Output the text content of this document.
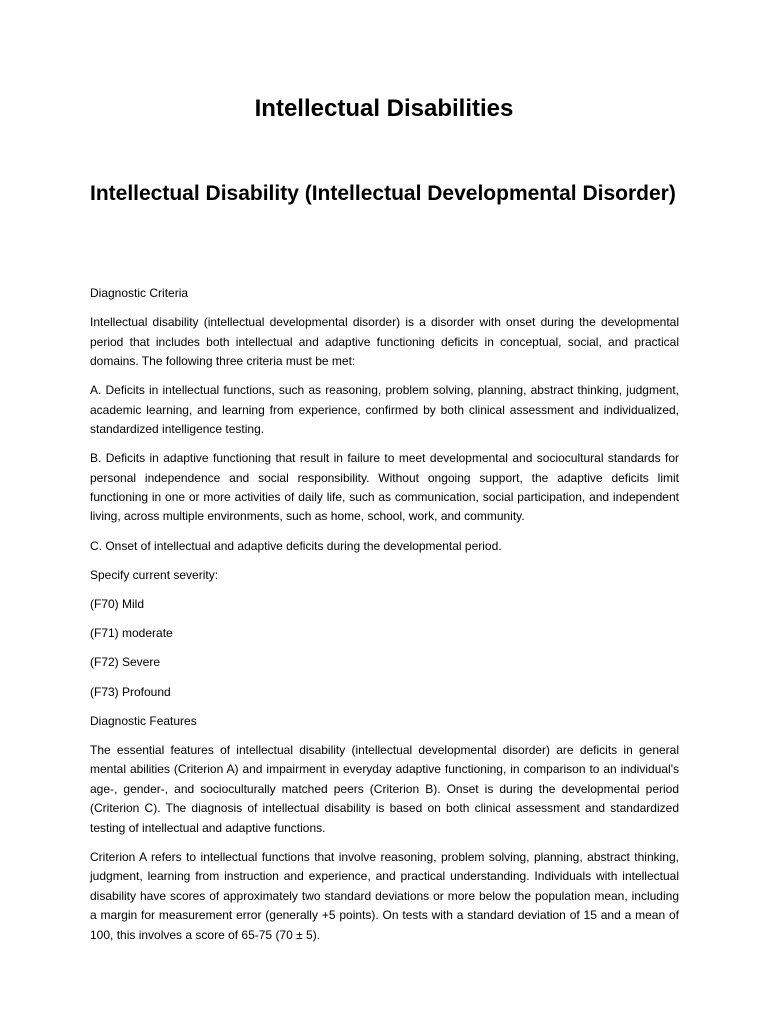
Intellectual Disabilities
Intellectual Disability (Intellectual Developmental Disorder)

Diagnostic Criteria

Intellectual disability (intellectual developmental disorder) is a disorder with onset during the developmental period that includes both intellectual and adaptive functioning deficits in conceptual, social, and practical domains. The following three criteria must be met:

A. Deficits in intellectual functions, such as reasoning, problem solving, planning, abstract thinking, judgment, academic learning, and learning from experience, confirmed by both clinical assessment and individualized, standardized intelligence testing.

B. Deficits in adaptive functioning that result in failure to meet developmental and sociocultural standards for personal independence and social responsibility. Without ongoing support, the adaptive deficits limit functioning in one or more activities of daily life, such as communication, social participation, and independent living, across multiple environments, such as home, school, work, and community.

C. Onset of intellectual and adaptive deficits during the developmental period.

Specify current severity:

(F70) Mild

(F71) moderate

(F72) Severe

(F73) Profound

Diagnostic Features

The essential features of intellectual disability (intellectual developmental disorder) are deficits in general mental abilities (Criterion A) and impairment in everyday adaptive functioning, in comparison to an individual's age-, gender-, and socioculturally matched peers (Criterion B). Onset is during the developmental period (Criterion C). The diagnosis of intellectual disability is based on both clinical assessment and standardized testing of intellectual and adaptive functions.

Criterion A refers to intellectual functions that involve reasoning, problem solving, planning, abstract thinking, judgment, learning from instruction and experience, and practical understanding. Individuals with intellectual disability have scores of approximately two standard deviations or more below the population mean, including a margin for measurement error (generally +5 points). On tests with a standard deviation of 15 and a mean of 100, this involves a score of 65-75 (70 ± 5).
